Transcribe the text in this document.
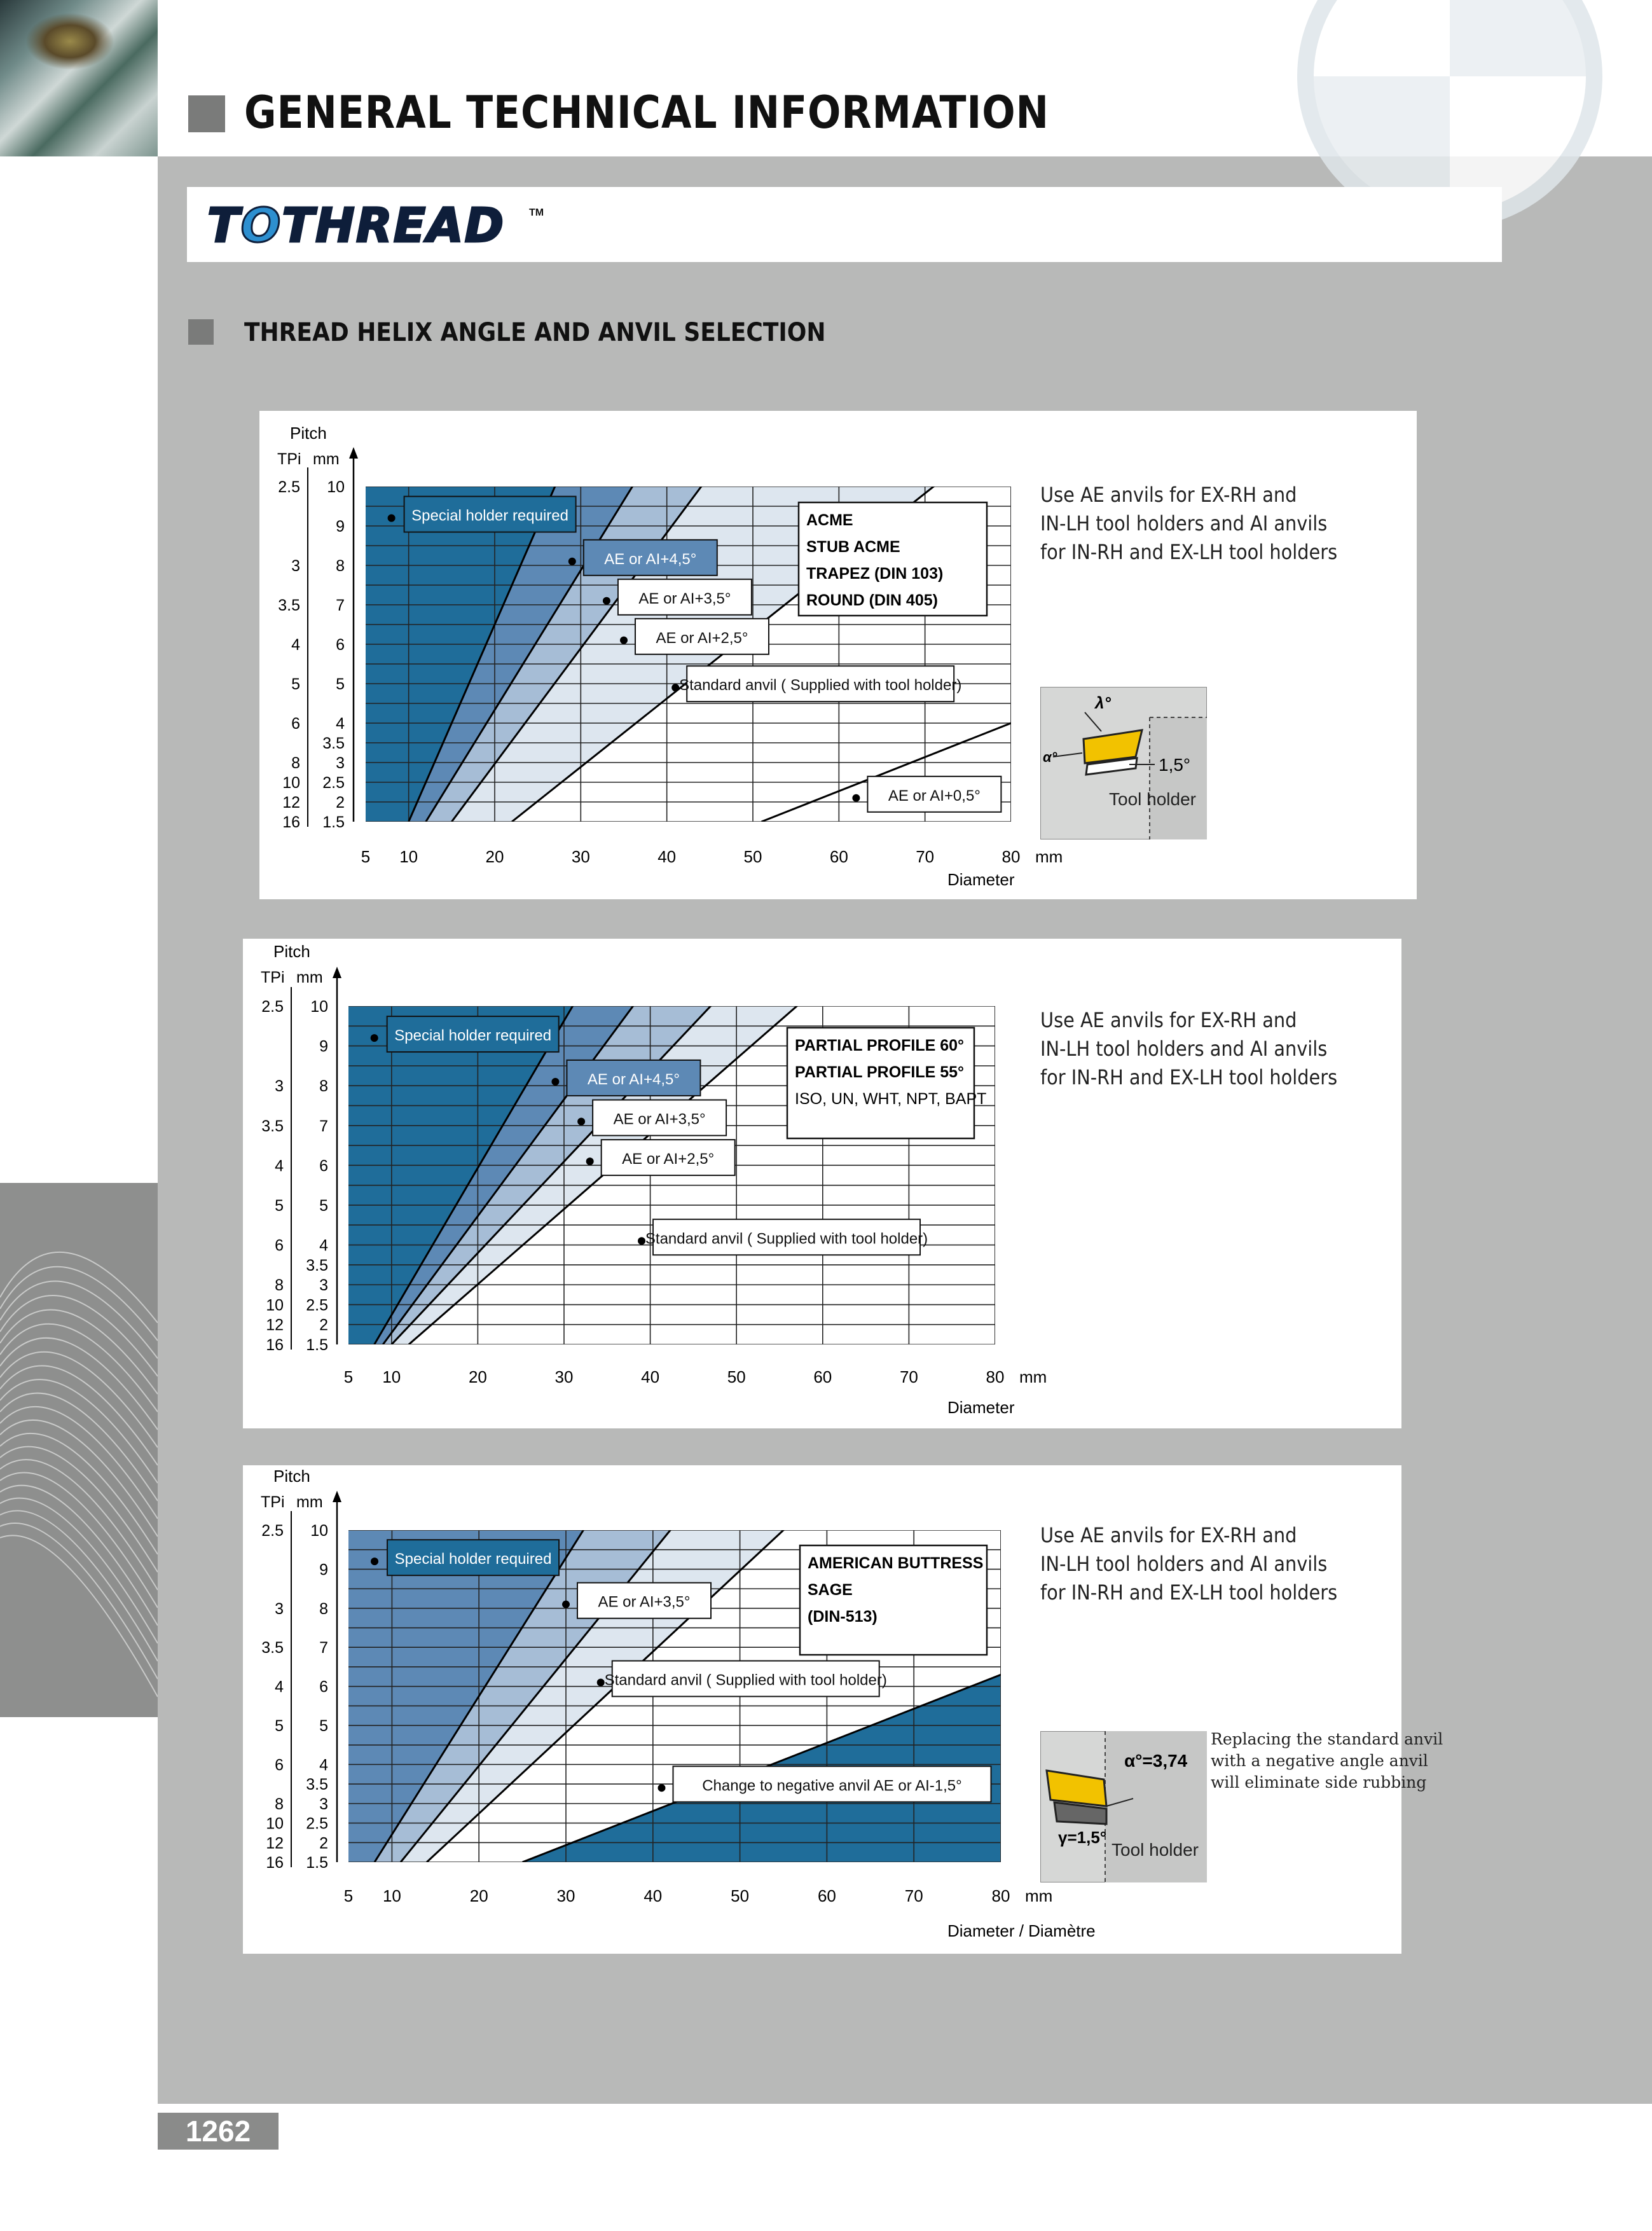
GENERAL TECHNICAL INFORMATION
TOTHREAD TM
THREAD HELIX ANGLE AND ANVIL SELECTION
Pitch
TPi mm
10
9
8
7
6
5
4
3.5
3
2.5
2
1.5
2.5
3
3.5
4
5
6
8
10
12
16
5 10	20	30	40	50	60	70	80 mm
Diameter
Special holder required
AE or AI+4,5°
AE or AI+3,5°
AE or AI+2,5°
Standard anvil ( Supplied with tool holder)
AE or AI+0,5°
ACME
STUB ACME
TRAPEZ (DIN 103)
ROUND (DIN 405)
Pitch
TPi mm
10
9
8
7
6
5
4
3.5
3
2.5
2
1.5
2.5
3
3.5
4
5
6
8
10
12
16
5 10	20	30	40	50	60	70	80 mm
Diameter
Special holder required
AE or AI+4,5°
AE or AI+3,5°
AE or AI+2,5°
Standard anvil ( Supplied with tool holder)
PARTIAL PROFILE 60°
PARTIAL PROFILE 55°
ISO, UN, WHT, NPT, BAPT
Pitch
TPi mm
10
9
8
7
6
5
4
3.5
3
2.5
2
1.5
2.5
3
3.5
4
5
6
8
10
12
16
5 10	20	30	40	50	60	70	80 mm
Diameter / Diamètre
Special holder required
AE or AI+3,5°
Standard anvil ( Supplied with tool holder)
Change to negative anvil AE or AI-1,5°
AMERICAN BUTTRESS
SAGE
(DIN-513)
Use AE anvils for EX-RH and
IN-LH tool holders and AI anvils
for IN-RH and EX-LH tool holders
Use AE anvils for EX-RH and
IN-LH tool holders and AI anvils
for IN-RH and EX-LH tool holders
Use AE anvils for EX-RH and
IN-LH tool holders and AI anvils
for IN-RH and EX-LH tool holders
λ°
α°	1,5°
Tool holder
α°=3,74
γ=1,5°
Tool holder
Replacing the standard anvil
with a negative angle anvil
will eliminate side rubbing
1262
